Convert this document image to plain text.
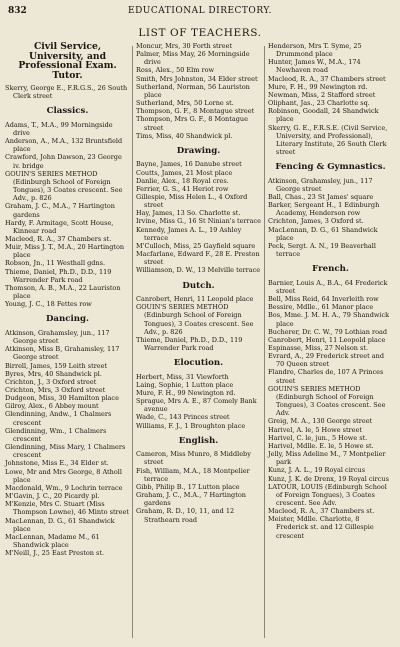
832	EDUCATIONAL DIRECTORY.
LIST OF TEACHERS.
Civil Service, University, and Professional Exam. Tutor.
Skerry, George E., F.R.G.S., 26 South Clerk street
Classics.
Adams, T., M.A., 99 Morningside drive
Anderson, A., M.A., 132 Bruntsfield place
Crawford, John Dawson, 23 George iv. bridge
GOUIN'S SERIES METHOD (Edinburgh School of Foreign Tongues), 3 Coates crescent. See Adv., p. 826
Graham, J. C., M.A., 7 Hartington gardens
Hardy, F. Armitage, Scott House, Kinnear road
Macleod, R. A., 37 Chambers st.
Muir, Miss J. T., M.A., 20 Hartington place
Robson, Jn., 11 Westhall gdns.
Thieme, Daniel, Ph.D., D.D., 119 Warrender Park road
Thomson, A. B., M.A., 22 Lauriston place
Young, J. C., 18 Fettes row
Dancing.
Atkinson, Grahamsley, jun., 117 George street
Atkinson, Miss B, Grahamsley, 117 George street
Birrell, James, 159 Leith street
Byres, Mrs, 40 Shandwick pl.
Crichton, J., 3 Oxford street
Crichton, Mrs, 3 Oxford street
Dudgeon, Miss, 30 Hamilton place
Gilroy, Alex., 6 Abbey mount
Glendinning, Andw., 1 Chalmers crescent
Glendinning, Wm., 1 Chalmers crescent
Glendinning, Miss Mary, 1 Chalmers crescent
Johnstone, Miss E., 34 Elder st.
Lowe, Mr and Mrs George, 8 Atholl place
Macdonald, Wm., 9 Lochrin terrace
M'Gavin, J. C., 20 Picardy pl.
M'Kenzie, Mrs C. Stuart (Miss Thompson Lowne), 46 Minto street
MacLennan, D. G., 61 Shandwick place
MacLennan, Madame M., 61 Shandwick place
M'Neill, J., 25 East Preston st.
Moncur, Mrs, 30 Forth street
Palmer, Miss May, 26 Morningside drive
Ross, Alex., 50 Elm row
Smith, Mrs Johnston, 34 Elder street
Sutherland, Norman, 56 Lauriston place
Sutherland, Mrs, 50 Lorne st.
Thompson, G. F., 8 Montague street
Thompson, Mrs G. F., 8 Montague street
Tims, Miss, 40 Shandwick pl.
Drawing.
Bayne, James, 16 Danube street
Coutts, James, 21 Most place
Danlie, Alex., 18 Royal cres.
Ferrier, G. S., 41 Heriot row
Gillespie, Miss Helen L., 4 Oxford street
Hay, James, 13 So. Charlotte st.
Irvine, Miss G., 16 St Ninian's terrace
Kennedy, James A. L., 19 Ashley terrace
M'Culloch, Miss, 25 Gayfield square
Macfarlane, Edward F., 28 E. Preston street
Williamson, D. W., 13 Melville terrace
Dutch.
Canrobert, Henri, 11 Leopold place
GOUIN'S SERIES METHOD (Edinburgh School of Foreign Tongues), 3 Coates crescent. See Adv., p. 826
Thieme, Daniel, Ph.D., D.D., 119 Warrender Park road
Elocution.
Herbert, Miss, 31 Viewforth
Laing, Sophie, 1 Lutton place
Mure, F. H., 99 Newington rd.
Sprague, Mrs A. E., 87 Comely Bank avenue
Wade, C., 143 Princes street
Williams, F. J., 1 Broughton place
English.
Cameron, Miss Munro, 8 Middleby street
Fish, William, M.A., 18 Montpelier terrace
Gibb, Philip B., 17 Lutton place
Graham, J. C., M.A., 7 Hartington gardens
Graham, R. D., 10, 11, and 12 Strathearn road
Henderson, Mrs T. Syme, 25 Drummond place
Hunter, James W., M.A., 174 Newhaven road
Macleod, R. A., 37 Chambers street
Mure, F. H., 99 Newington rd.
Newman, Miss, 2 Stafford street
Oliphant, Jas., 23 Charlotte sq.
Robinson, Goodall, 24 Shandwick place
Skerry, G. E., F.R.S.E. (Civil Service, University, and Professional), Literary Institute, 26 South Clerk street
Fencing & Gymnastics.
Atkinson, Grahamsley, jun., 117 George street
Ball, Chas., 23 St James' square
Barker, Sergeant H., 1 Edinburgh Academy, Henderson row
Crichton, James, 3 Oxford st.
MacLennan, D. G., 61 Shandwick place
Peck, Sergt. A. N., 19 Beaverhall terrace
French.
Barnier, Louis A., B.A., 64 Frederick street
Bell, Miss Reid, 64 Inverleith row
Bessire, Mdlle., 61 Manor place
Bos, Mme. J. M. H. A., 79 Shandwick place
Bucherer, Dr. C. W., 79 Lothian road
Canrobert, Henri, 11 Leopold place
Espinasse, Miss, 27 Nelson st.
Evrard, A., 29 Frederick street and 70 Queen street
Flandre, Charles de, 107 A Princes street
GOUIN'S SERIES METHOD (Edinburgh School of Foreign Tongues), 3 Coates crescent. See Adv.
Greig, M. A., 130 George street
Harivel, A. le, 5 Howe street
Harivel, C. le, jun., 5 Howe st.
Harivel, Mdlle. E. le, 5 Howe st.
Jelly, Miss Adeline M., 7 Montpelier park
Kunz, J. A. L., 19 Royal circus
Kunz, J. K. de Drenx, 19 Royal circus
LATOUR, LOUIS (Edinburgh School of Foreign Tongues), 3 Coates crescent. See Adv.
Macleod, R. A., 37 Chambers st.
Meister, Mdlle. Charlotte, 8 Frederick st. and 12 Gillespie crescent
